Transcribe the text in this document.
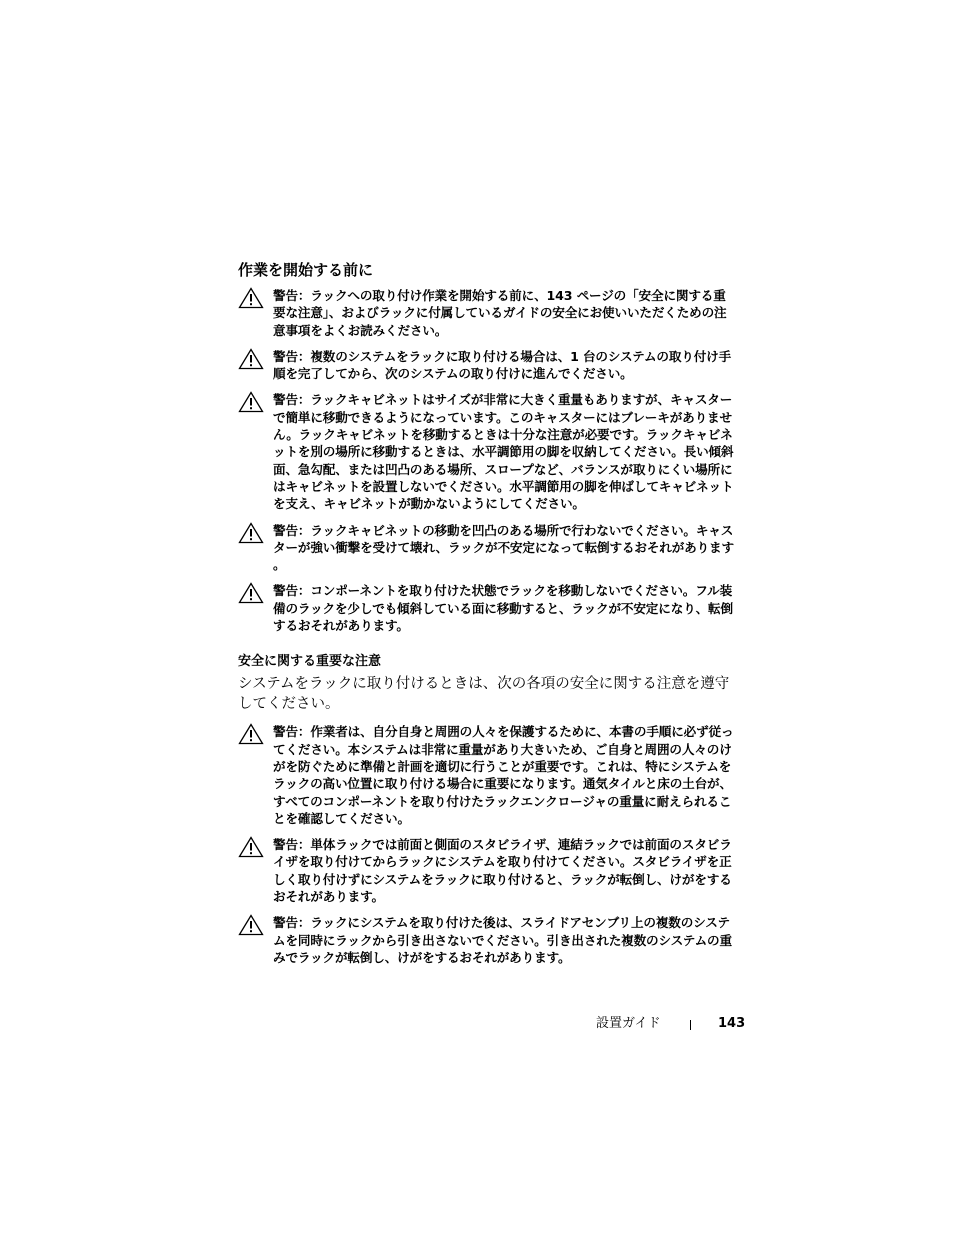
作業を開始する前に
警告：ラックへの取り付け作業を開始する前に、143 ページの「安全に関する重要な注意」、およびラックに付属しているガイドの安全にお使いいただくための注意事項をよくお読みください。
警告：複数のシステムをラックに取り付ける場合は、1 台のシステムの取り付け手順を完了してから、次のシステムの取り付けに進んでください。
警告：ラックキャビネットはサイズが非常に大きく重量もありますが、キャスターで簡単に移動できるようになっています。このキャスターにはブレーキがありません。ラックキャビネットを移動するときは十分な注意が必要です。ラックキャビネットを別の場所に移動するときは、水平調節用の脚を収納してください。長い傾斜面、急勾配、または凹凸のある場所、スロープなど、バランスが取りにくい場所にはキャビネットを設置しないでください。水平調節用の脚を伸ばしてキャビネットを支え、キャビネットが動かないようにしてください。
警告：ラックキャビネットの移動を凹凸のある場所で行わないでください。キャスターが強い衝撃を受けて壊れ、ラックが不安定になって転倒するおそれがあります。
警告：コンポーネントを取り付けた状態でラックを移動しないでください。フル装備のラックを少しでも傾斜している面に移動すると、ラックが不安定になり、転倒するおそれがあります。
安全に関する重要な注意
システムをラックに取り付けるときは、次の各項の安全に関する注意を遵守してください。
警告：作業者は、自分自身と周囲の人々を保護するために、本書の手順に必ず従ってください。本システムは非常に重量があり大きいため、ご自身と周囲の人々のけがを防ぐために準備と計画を適切に行うことが重要です。これは、特にシステムをラックの高い位置に取り付ける場合に重要になります。通気タイルと床の土台が、すべてのコンポーネントを取り付けたラックエンクロージャの重量に耐えられることを確認してください。
警告：単体ラックでは前面と側面のスタビライザ、連結ラックでは前面のスタビライザを取り付けてからラックにシステムを取り付けてください。スタビライザを正しく取り付けずにシステムをラックに取り付けると、ラックが転倒し、けがをするおそれがあります。
警告：ラックにシステムを取り付けた後は、スライドアセンブリ上の複数のシステムを同時にラックから引き出さないでください。引き出された複数のシステムの重みでラックが転倒し、けがをするおそれがあります。
設置ガイド	143
